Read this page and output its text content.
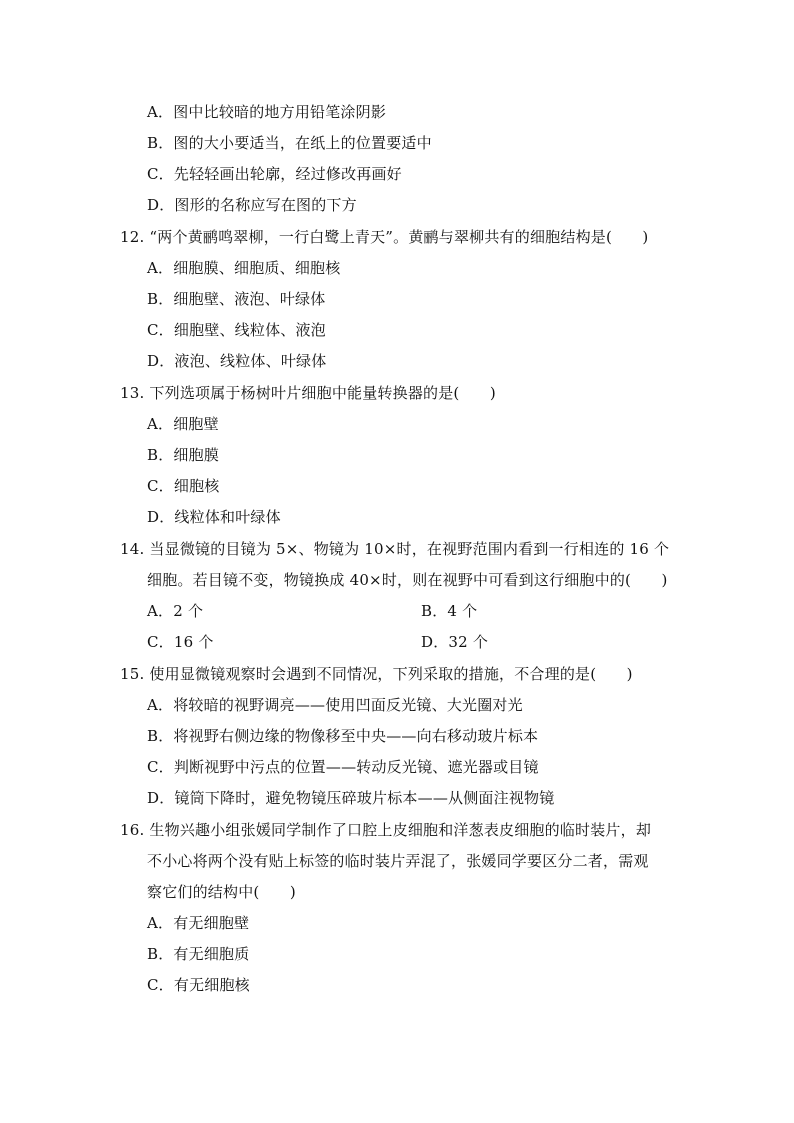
A．图中比较暗的地方用铅笔涂阴影
B．图的大小要适当，在纸上的位置要适中
C．先轻轻画出轮廓，经过修改再画好
D．图形的名称应写在图的下方
12. “两个黄鹂鸣翠柳，一行白鹭上青天”。黄鹂与翠柳共有的细胞结构是(　　)
A．细胞膜、细胞质、细胞核
B．细胞壁、液泡、叶绿体
C．细胞壁、线粒体、液泡
D．液泡、线粒体、叶绿体
13. 下列选项属于杨树叶片细胞中能量转换器的是(　　)
A．细胞壁
B．细胞膜
C．细胞核
D．线粒体和叶绿体
14. 当显微镜的目镜为 5×、物镜为 10×时，在视野范围内看到一行相连的 16 个
细胞。若目镜不变，物镜换成 40×时，则在视野中可看到这行细胞中的(　　)
A．2 个	B．4 个
C．16 个	D．32 个
15. 使用显微镜观察时会遇到不同情况，下列采取的措施，不合理的是(　　)
A．将较暗的视野调亮——使用凹面反光镜、大光圈对光
B．将视野右侧边缘的物像移至中央——向右移动玻片标本
C．判断视野中污点的位置——转动反光镜、遮光器或目镜
D．镜筒下降时，避免物镜压碎玻片标本——从侧面注视物镜
16. 生物兴趣小组张媛同学制作了口腔上皮细胞和洋葱表皮细胞的临时装片，却
不小心将两个没有贴上标签的临时装片弄混了，张媛同学要区分二者，需观
察它们的结构中(　　)
A．有无细胞壁
B．有无细胞质
C．有无细胞核
